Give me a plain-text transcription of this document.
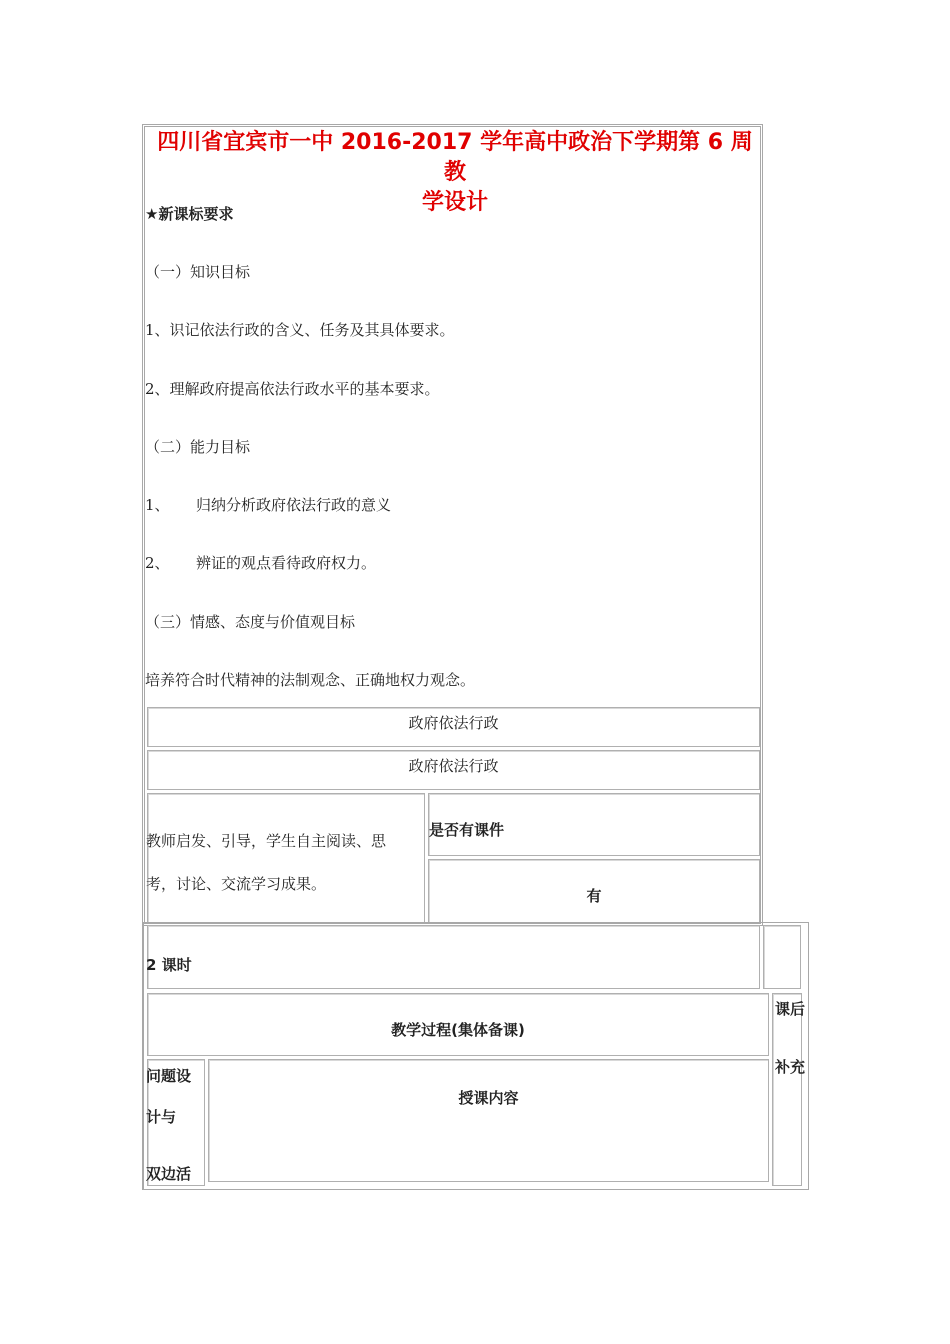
四川省宜宾市一中 2016-2017 学年高中政治下学期第 6 周教
学设计
★新课标要求
（一）知识目标
1、识记依法行政的含义、任务及其具体要求。
2、理解政府提高依法行政水平的基本要求。
（二）能力目标
1、 归纳分析政府依法行政的意义
2、 辨证的观点看待政府权力。
（三）情感、态度与价值观目标
培养符合时代精神的法制观念、正确地权力观念。
政府依法行政
政府依法行政
教师启发、引导，学生自主阅读、思
考，讨论、交流学习成果。
是否有课件
有
2 课时
教学过程(集体备课)
课后
补充
问题设
计与
双边活
授课内容
